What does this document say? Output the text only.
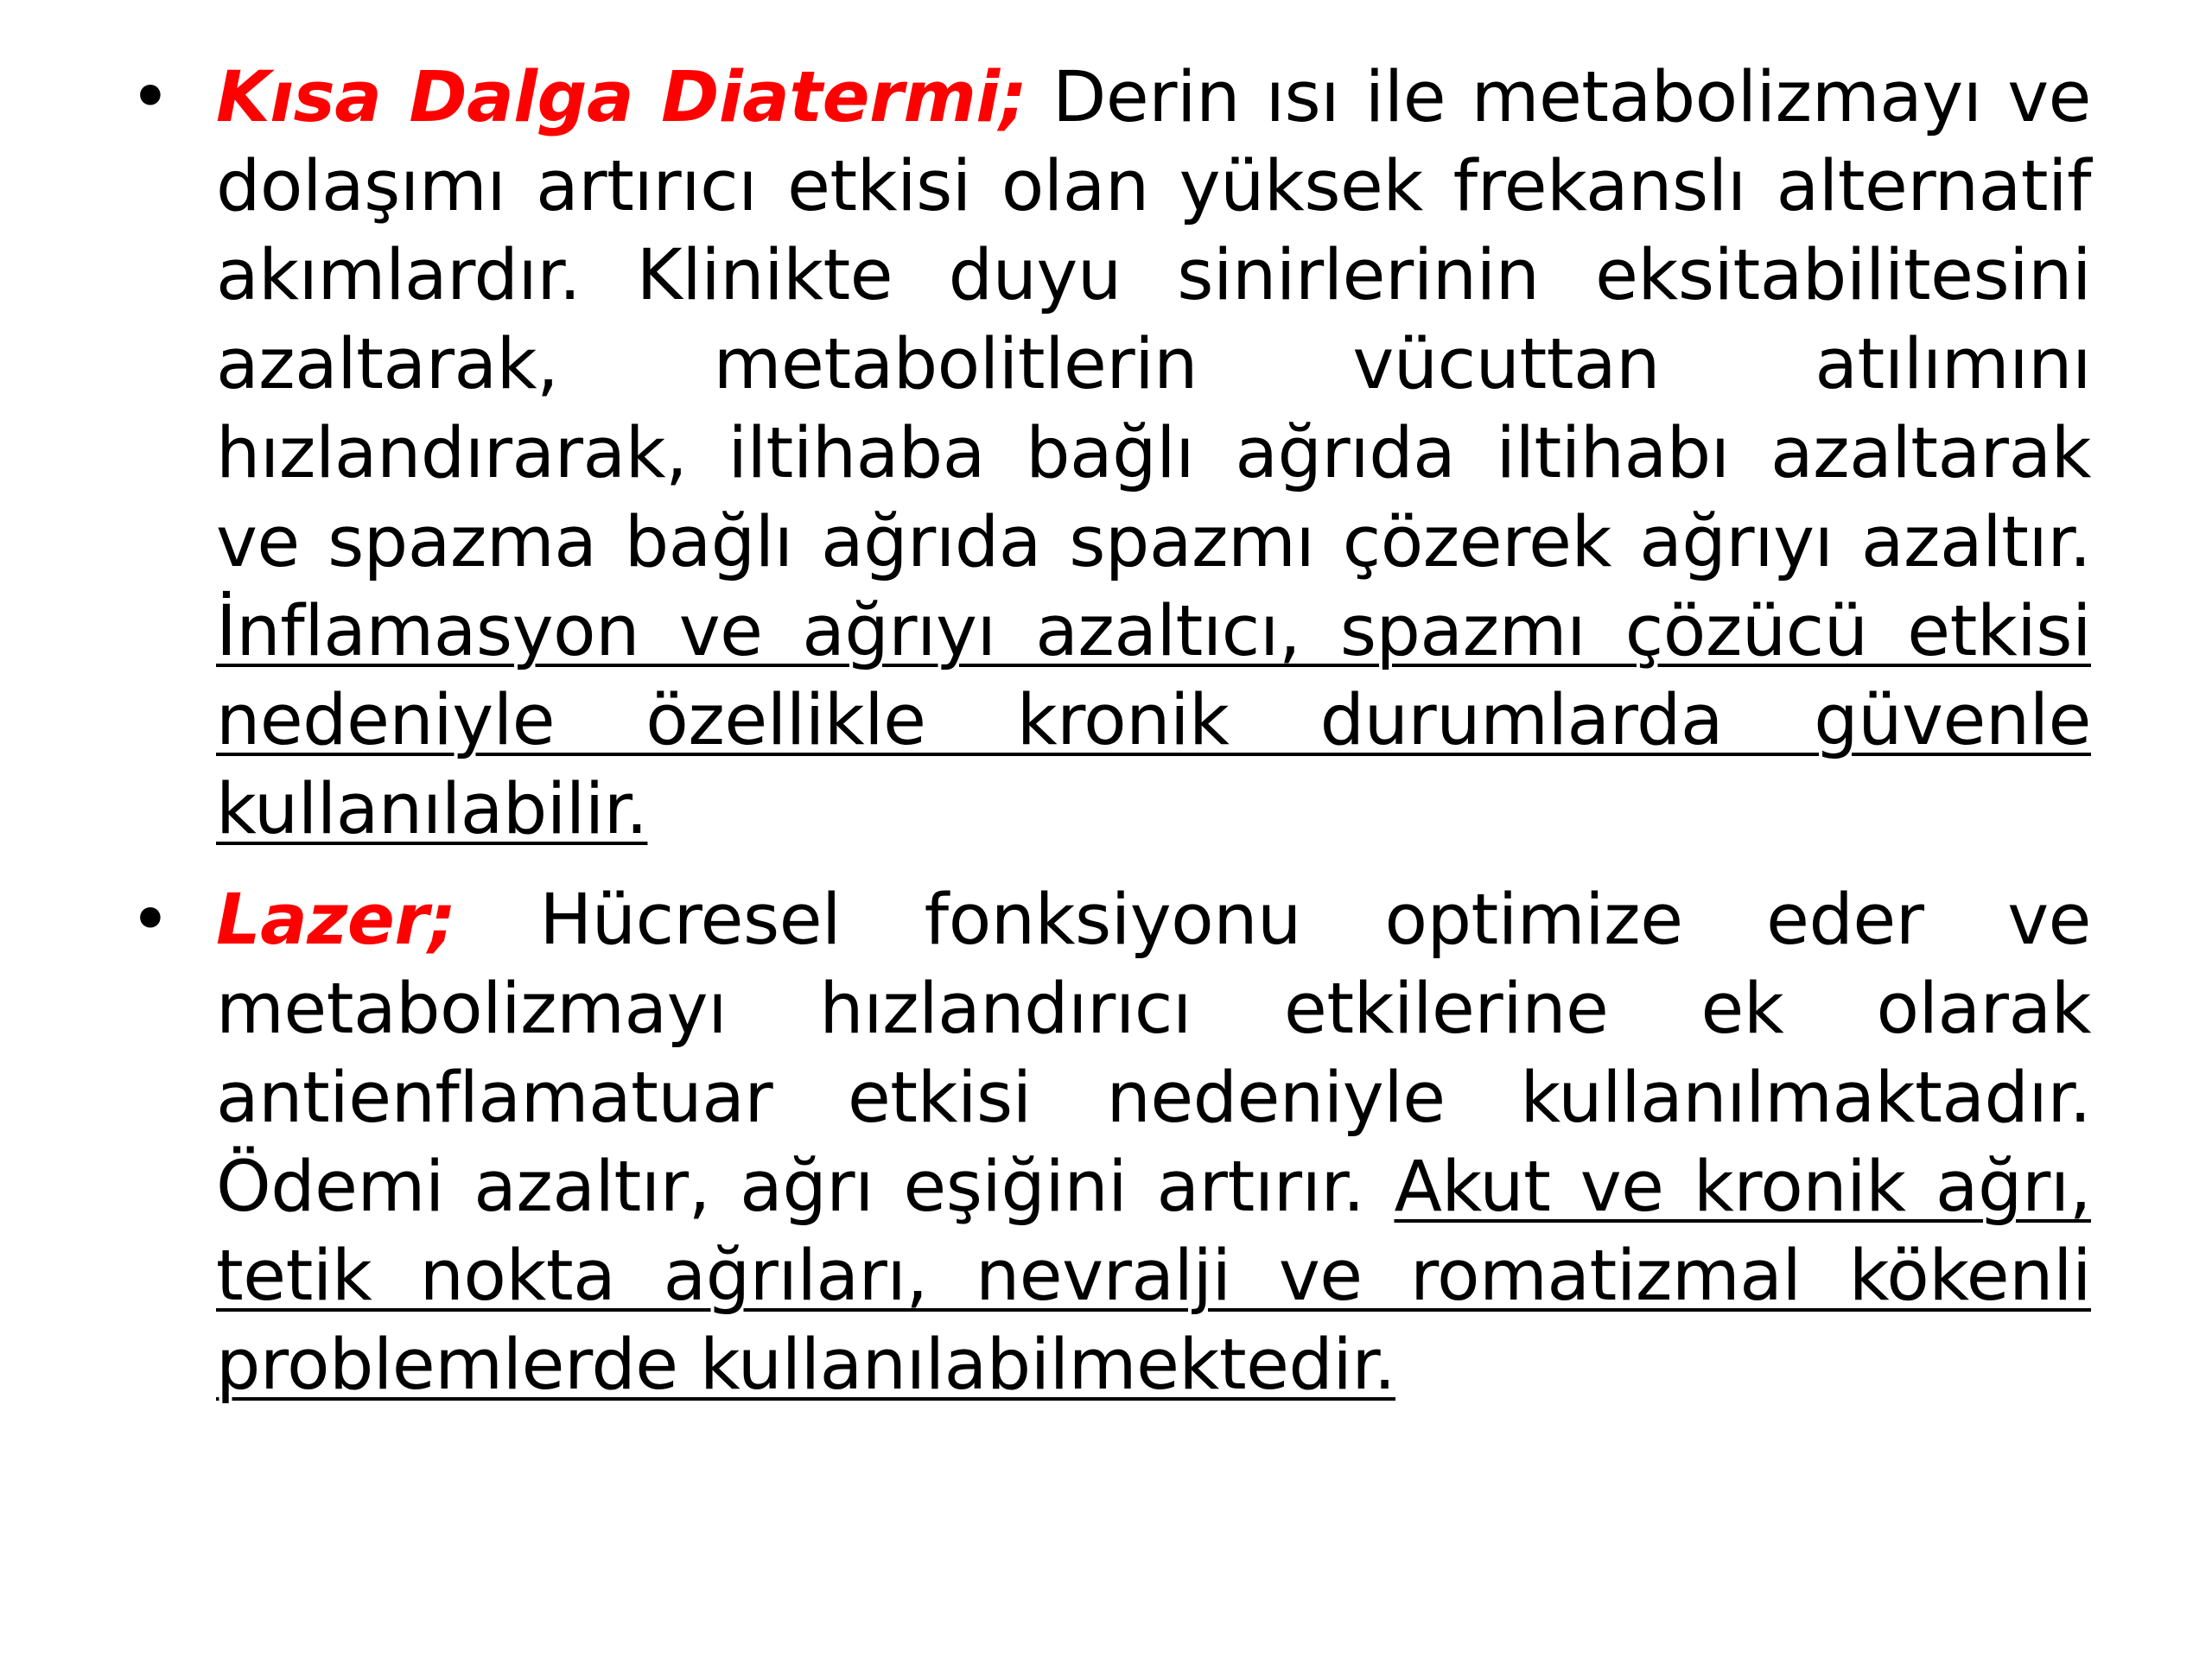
• Kısa Dalga Diatermi; Derin ısı ile metabolizmayı ve dolaşımı artırıcı etkisi olan yüksek frekanslı alternatif akımlardır. Klinikte duyu sinirlerinin eksitabilitesini azaltarak, metabolitlerin vücuttan atılımını hızlandırarak, iltihaba bağlı ağrıda iltihabı azaltarak ve spazma bağlı ağrıda spazmı çözerek ağrıyı azaltır. İnflamasyon ve ağrıyı azaltıcı, spazmı çözücü etkisi nedeniyle özellikle kronik durumlarda güvenle kullanılabilir.
• Lazer; Hücresel fonksiyonu optimize eder ve metabolizmayı hızlandırıcı etkilerine ek olarak antienflamatuar etkisi nedeniyle kullanılmaktadır. Ödemi azaltır, ağrı eşiğini artırır. Akut ve kronik ağrı, tetik nokta ağrıları, nevralji ve romatizmal kökenli problemlerde kullanılabilmektedir.
